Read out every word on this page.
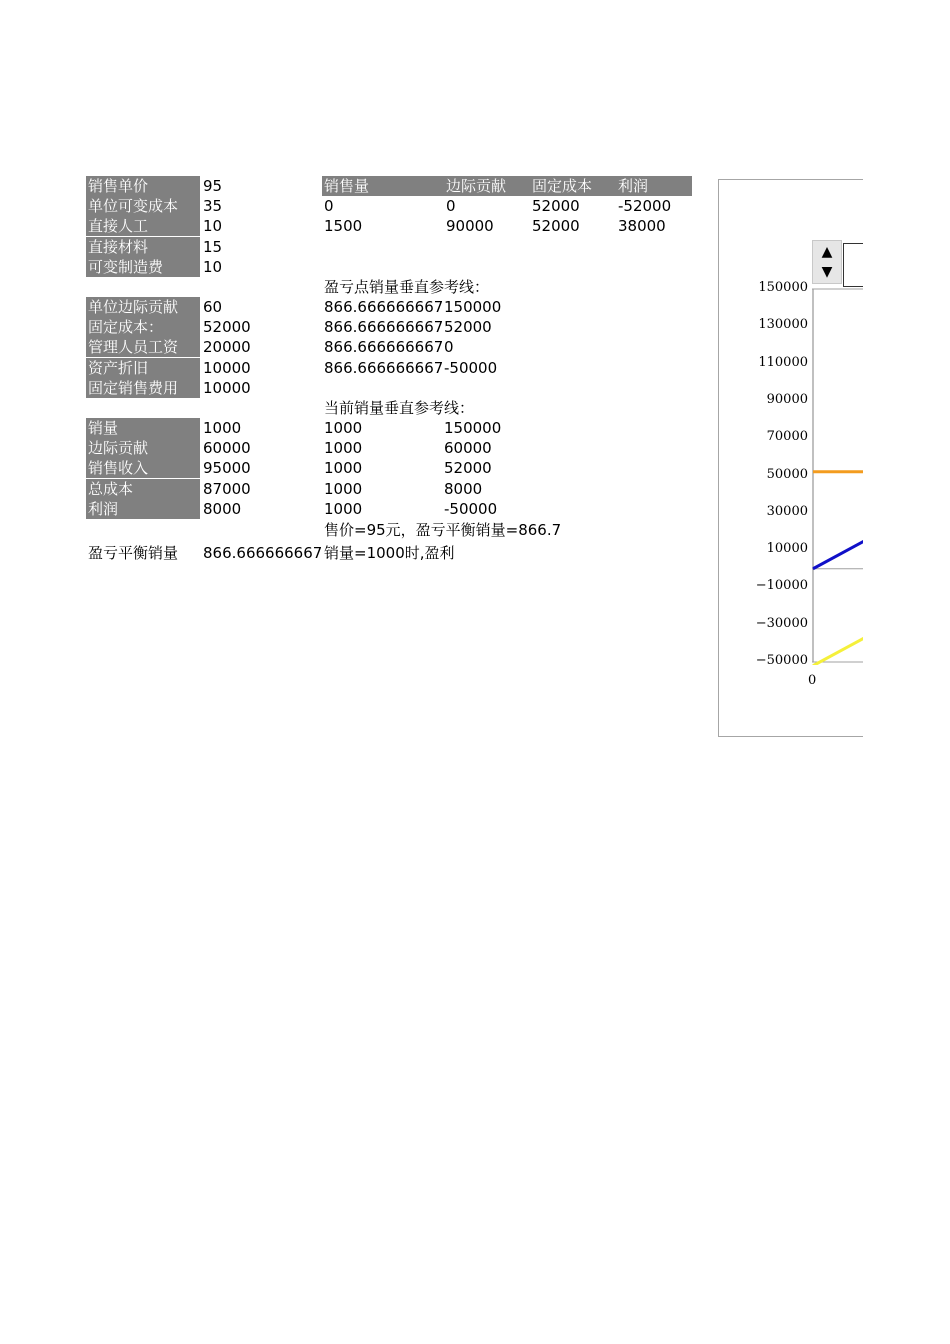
销售单价	95
单位可变成本	35
直接人工	10
直接材料	15
可变制造费	10
单位边际贡献	60
固定成本：	52000
管理人员工资	20000
资产折旧	10000
固定销售费用	10000
销量	1000
边际贡献	60000
销售收入	95000
总成本	87000
利润	8000
盈亏平衡销量	866.666666667
销售量	边际贡献	固定成本	利润
0	0	52000	-52000
1500	90000	52000	38000
盈亏点销量垂直参考线：
866.666666667 150000
866.666666667 52000
866.666666667 0
866.666666667 -50000
当前销量垂直参考线：
1000	150000
1000	60000
1000	52000
1000	8000
1000	-50000
售价=95元，盈亏平衡销量=866.7
销量=1000时,盈利
▲
▼
150000
130000
110000
90000
70000
50000
30000
10000
−10000
−30000
−50000
0
